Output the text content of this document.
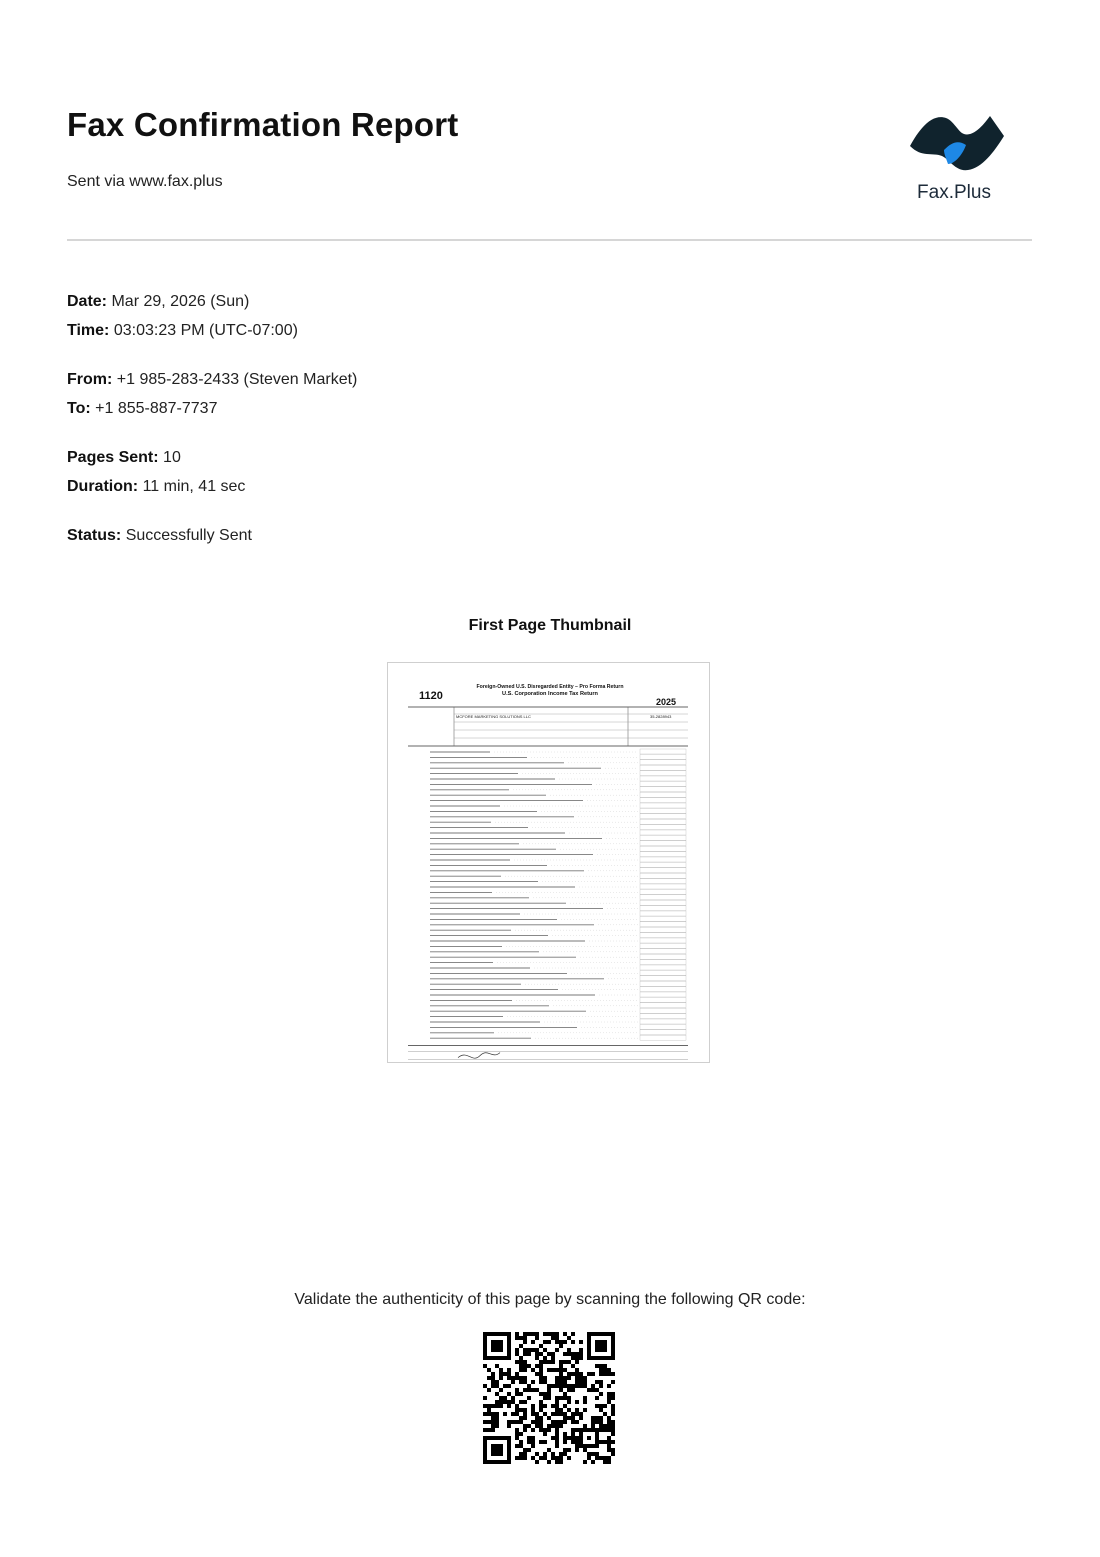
Fax Confirmation Report
Sent via www.fax.plus
Fax.Plus
Date: Mar 29, 2026 (Sun)
Time: 03:03:23 PM (UTC-07:00)
From: +1 985-283-2433 (Steven Market)
To: +1 855-887-7737
Pages Sent: 10
Duration: 11 min, 41 sec
Status: Successfully Sent
First Page Thumbnail
1120
Foreign-Owned U.S. Disregarded Entity – Pro Forma Return
U.S. Corporation Income Tax Return
2025
MCFORE MARKETING SOLUTIONS LLC	35-2828943
Validate the authenticity of this page by scanning the following QR code:
